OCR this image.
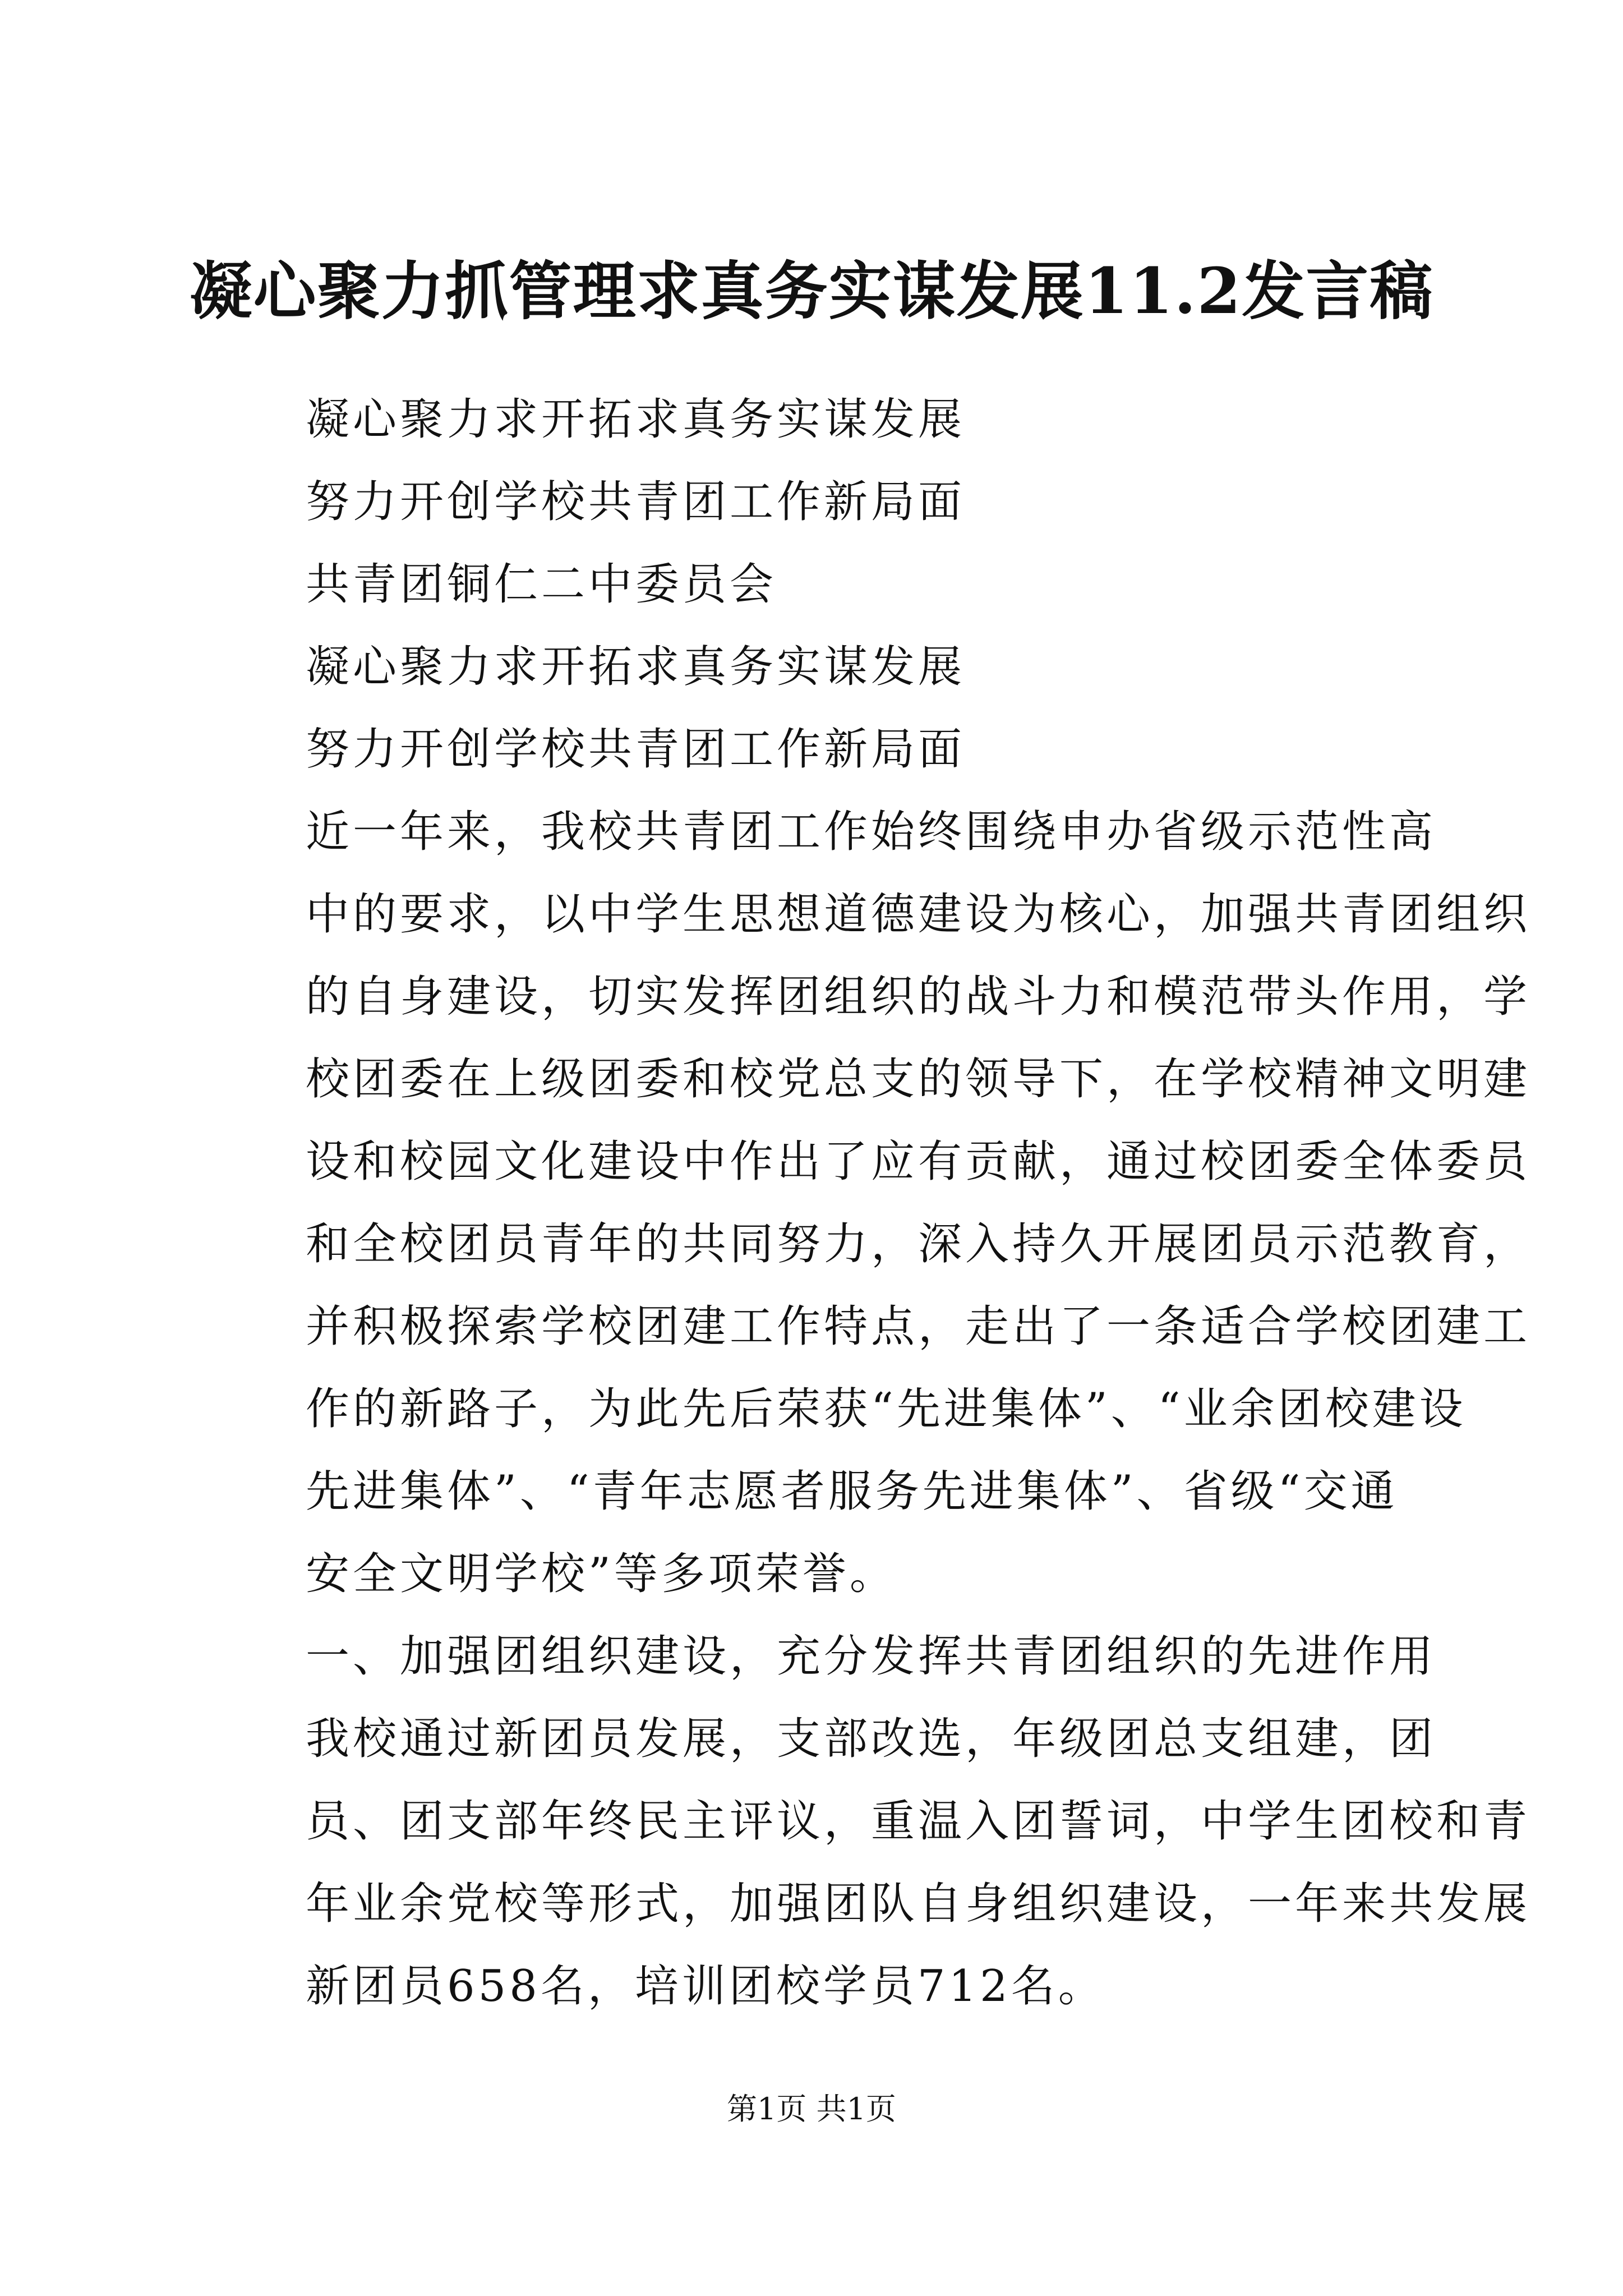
凝心聚力抓管理求真务实谋发展11.2发言稿
凝心聚力求开拓求真务实谋发展
努力开创学校共青团工作新局面
共青团铜仁二中委员会
凝心聚力求开拓求真务实谋发展
努力开创学校共青团工作新局面
近一年来，我校共青团工作始终围绕申办省级示范性高
中的要求，以中学生思想道德建设为核心，加强共青团组织
的自身建设，切实发挥团组织的战斗力和模范带头作用，学
校团委在上级团委和校党总支的领导下，在学校精神文明建
设和校园文化建设中作出了应有贡献，通过校团委全体委员
和全校团员青年的共同努力，深入持久开展团员示范教育，
并积极探索学校团建工作特点，走出了一条适合学校团建工
作的新路子，为此先后荣获“先进集体”、“业余团校建设
先进集体”、“青年志愿者服务先进集体”、省级“交通
安全文明学校”等多项荣誉。
一、加强团组织建设，充分发挥共青团组织的先进作用
我校通过新团员发展，支部改选，年级团总支组建，团
员、团支部年终民主评议，重温入团誓词，中学生团校和青
年业余党校等形式，加强团队自身组织建设，一年来共发展
新团员658名，培训团校学员712名。
第1页 共1页
